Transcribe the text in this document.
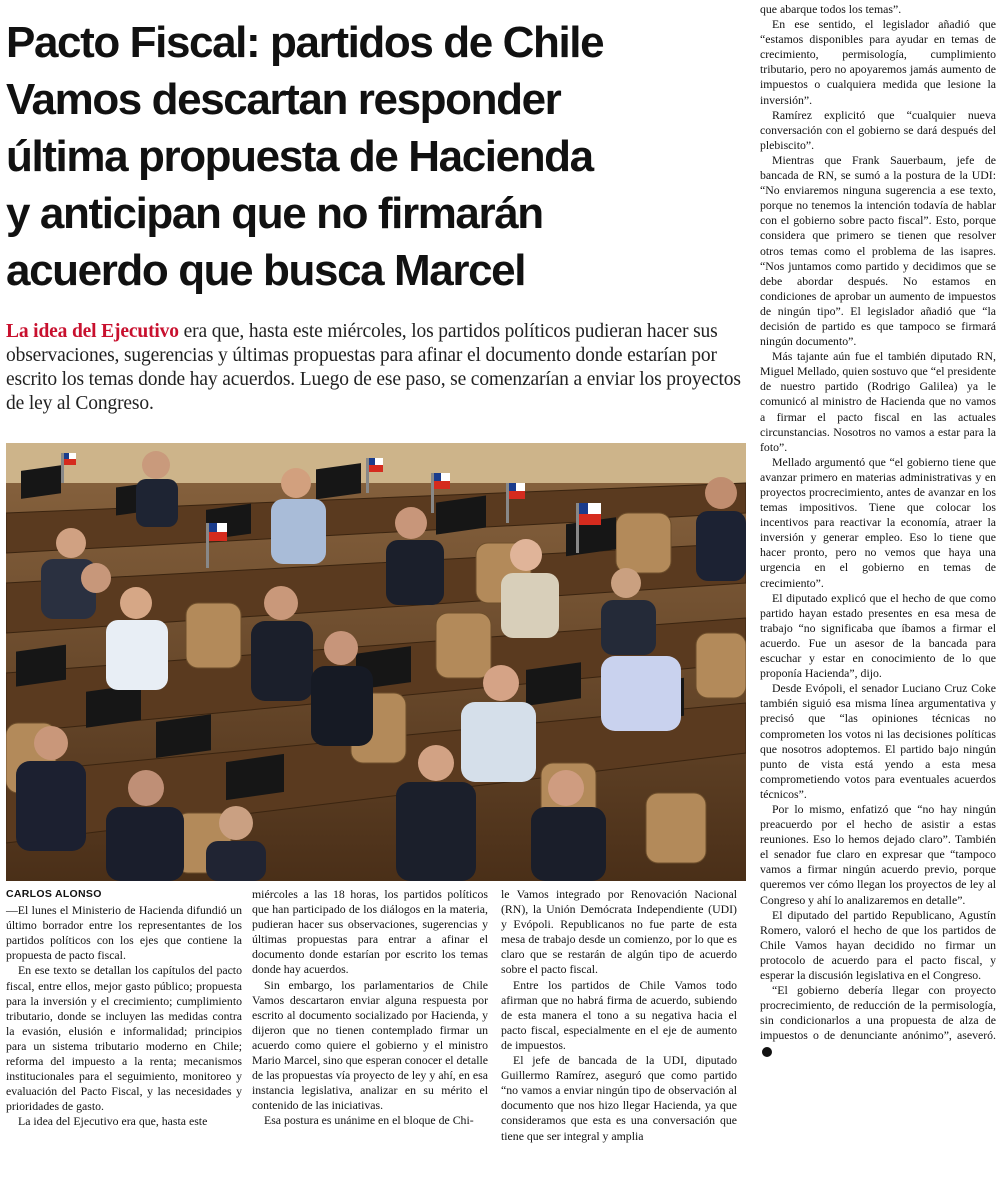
Pacto Fiscal: partidos de Chile
Vamos descartan responder
última propuesta de Hacienda
y anticipan que no firmarán
acuerdo que busca Marcel

La idea del Ejecutivo era que, hasta este miércoles, los partidos políticos pudieran hacer sus observaciones, sugerencias y últimas propuestas para afinar el documento donde estarían por escrito los temas donde hay acuerdos. Luego de ese paso, se comenzarían a enviar los proyectos de ley al Congreso.

CARLOS ALONSO

—El lunes el Ministerio de Hacienda difundió un último borrador entre los representantes de los partidos políticos con los ejes que contiene la propuesta de pacto fiscal.

En ese texto se detallan los capítulos del pacto fiscal, entre ellos, mejor gasto público; propuesta para la inversión y el crecimiento; cumplimiento tributario, donde se incluyen las medidas contra la evasión, elusión e informalidad; principios para un sistema tributario moderno en Chile; reforma del impuesto a la renta; mecanismos institucionales para el seguimiento, monitoreo y evaluación del Pacto Fiscal, y las necesidades y prioridades de gasto.

La idea del Ejecutivo era que, hasta este

miércoles a las 18 horas, los partidos políticos que han participado de los diálogos en la materia, pudieran hacer sus observaciones, sugerencias y últimas propuestas para entrar a afinar el documento donde estarían por escrito los temas donde hay acuerdos.

Sin embargo, los parlamentarios de Chile Vamos descartaron enviar alguna respuesta por escrito al documento socializado por Hacienda, y dijeron que no tienen contemplado firmar un acuerdo como quiere el gobierno y el ministro Mario Marcel, sino que esperan conocer el detalle de las propuestas vía proyecto de ley y ahí, en esa instancia legislativa, analizar en su mérito el contenido de las iniciativas.

Esa postura es unánime en el bloque de Chi-

le Vamos integrado por Renovación Nacional (RN), la Unión Demócrata Independiente (UDI) y Evópoli. Republicanos no fue parte de esta mesa de trabajo desde un comienzo, por lo que es claro que se restarán de algún tipo de acuerdo sobre el pacto fiscal.

Entre los partidos de Chile Vamos todo afirman que no habrá firma de acuerdo, subiendo de esta manera el tono a su negativa hacia el pacto fiscal, especialmente en el eje de aumento de impuestos.

El jefe de bancada de la UDI, diputado Guillermo Ramírez, aseguró que como partido “no vamos a enviar ningún tipo de observación al documento que nos hizo llegar Hacienda, ya que consideramos que esta es una conversación que tiene que ser integral y amplia

que abarque todos los temas”.

En ese sentido, el legislador añadió que “estamos disponibles para ayudar en temas de crecimiento, permisología, cumplimiento tributario, pero no apoyaremos jamás aumento de impuestos o cualquiera medida que lesione la inversión”.

Ramírez explicitó que “cualquier nueva conversación con el gobierno se dará después del plebiscito”.

Mientras que Frank Sauerbaum, jefe de bancada de RN, se sumó a la postura de la UDI: “No enviaremos ninguna sugerencia a ese texto, porque no tenemos la intención todavía de hablar con el gobierno sobre pacto fiscal”. Esto, porque considera que primero se tienen que resolver otros temas como el problema de las isapres. “Nos juntamos como partido y decidimos que se debe abordar después. No estamos en condiciones de aprobar un aumento de impuestos de ningún tipo”. El legislador añadió que “la decisión de partido es que tampoco se firmará ningún documento”.

Más tajante aún fue el también diputado RN, Miguel Mellado, quien sostuvo que “el presidente de nuestro partido (Rodrigo Galilea) ya le comunicó al ministro de Hacienda que no vamos a firmar el pacto fiscal en las actuales circunstancias. Nosotros no vamos a estar para la foto”.

Mellado argumentó que “el gobierno tiene que avanzar primero en materias administrativas y en proyectos procrecimiento, antes de avanzar en los temas impositivos. Tiene que colocar los incentivos para reactivar la economía, atraer la inversión y generar empleo. Eso lo tiene que hacer pronto, pero no vemos que haya una urgencia en el gobierno en temas de crecimiento”.

El diputado explicó que el hecho de que como partido hayan estado presentes en esa mesa de trabajo “no significaba que íbamos a firmar el acuerdo. Fue un asesor de la bancada para escuchar y estar en conocimiento de lo que proponía Hacienda”, dijo.

Desde Evópoli, el senador Luciano Cruz Coke también siguió esa misma línea argumentativa y precisó que “las opiniones técnicas no comprometen los votos ni las decisiones políticas que nosotros adoptemos. El partido bajo ningún punto de vista está yendo a esta mesa comprometiendo votos para eventuales acuerdos técnicos”.

Por lo mismo, enfatizó que “no hay ningún preacuerdo por el hecho de asistir a estas reuniones. Eso lo hemos dejado claro”. También el senador fue claro en expresar que “tampoco vamos a firmar ningún acuerdo previo, porque queremos ver cómo llegan los proyectos de ley al Congreso y ahí lo analizaremos en detalle”.

El diputado del partido Republicano, Agustín Romero, valoró el hecho de que los partidos de Chile Vamos hayan decidido no firmar un protocolo de acuerdo para el pacto fiscal, y esperar la discusión legislativa en el Congreso.

“El gobierno debería llegar con proyecto procrecimiento, de reducción de la permisología, sin condicionarlos a una propuesta de alza de impuestos o de denunciante anónimo”, aseveró.
